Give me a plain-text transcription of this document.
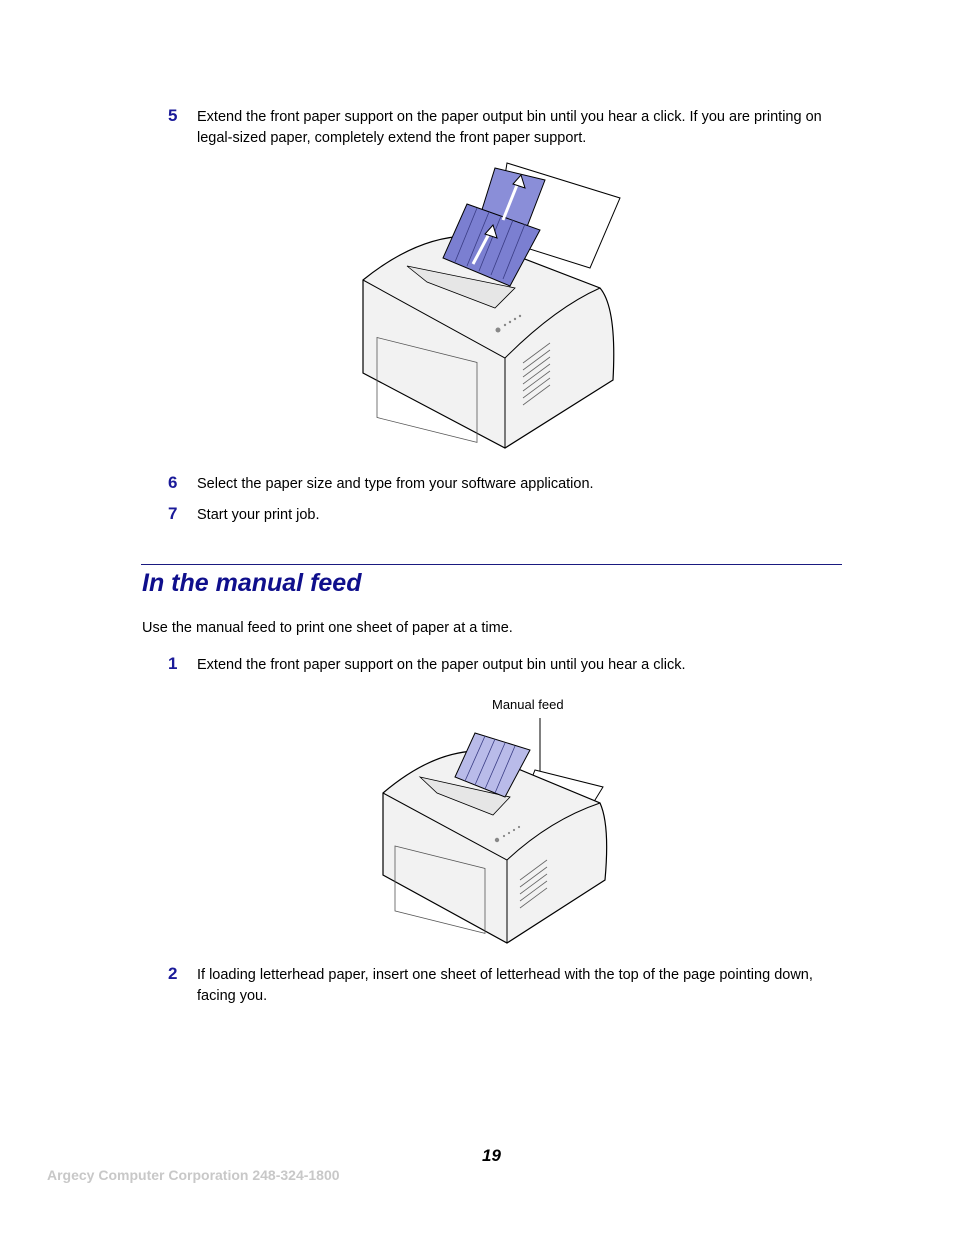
5 Extend the front paper support on the paper output bin until you hear a click. If you are printing on legal-sized paper, completely extend the front paper support.
6 Select the paper size and type from your software application.
7 Start your print job.
In the manual feed
Use the manual feed to print one sheet of paper at a time.
1 Extend the front paper support on the paper output bin until you hear a click.
Manual feed
2 If loading letterhead paper, insert one sheet of letterhead with the top of the page pointing down, facing you.
19
Argecy Computer Corporation 248-324-1800
